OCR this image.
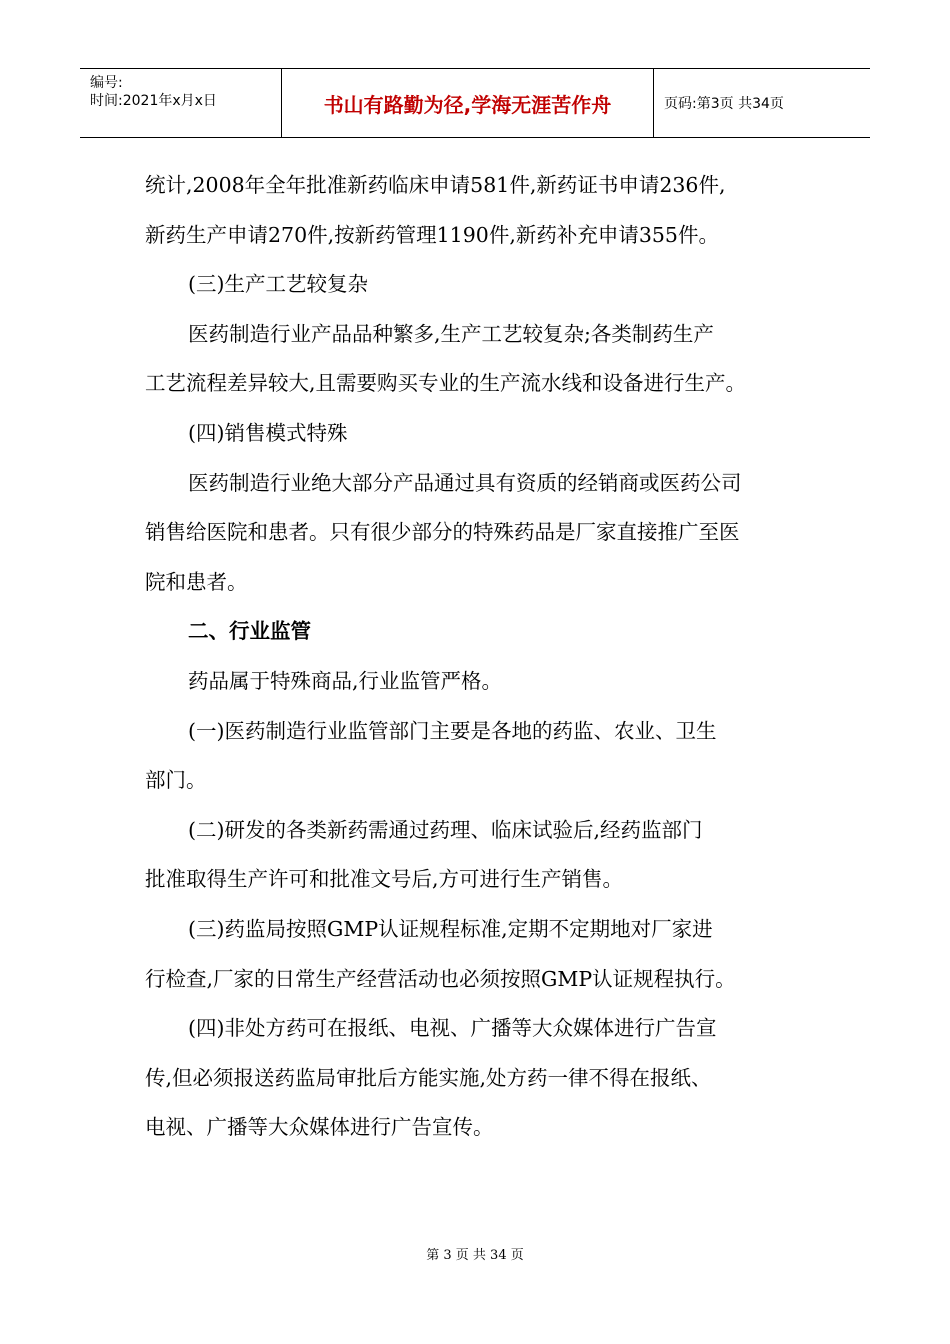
编号:
时间:2021年x月x日	书山有路勤为径,学海无涯苦作舟	页码:第3页 共34页

统计,2008年全年批准新药临床申请581件,新药证书申请236件,

新药生产申请270件,按新药管理1190件,新药补充申请355件。

(三)生产工艺较复杂

医药制造行业产品品种繁多,生产工艺较复杂;各类制药生产

工艺流程差异较大,且需要购买专业的生产流水线和设备进行生产。

(四)销售模式特殊

医药制造行业绝大部分产品通过具有资质的经销商或医药公司

销售给医院和患者。只有很少部分的特殊药品是厂家直接推广至医

院和患者。

二、行业监管

药品属于特殊商品,行业监管严格。

(一)医药制造行业监管部门主要是各地的药监、农业、卫生

部门。

(二)研发的各类新药需通过药理、临床试验后,经药监部门

批准取得生产许可和批准文号后,方可进行生产销售。

(三)药监局按照GMP认证规程标准,定期不定期地对厂家进

行检查,厂家的日常生产经营活动也必须按照GMP认证规程执行。

(四)非处方药可在报纸、电视、广播等大众媒体进行广告宣

传,但必须报送药监局审批后方能实施,处方药一律不得在报纸、

电视、广播等大众媒体进行广告宣传。

第 3 页 共 34 页
